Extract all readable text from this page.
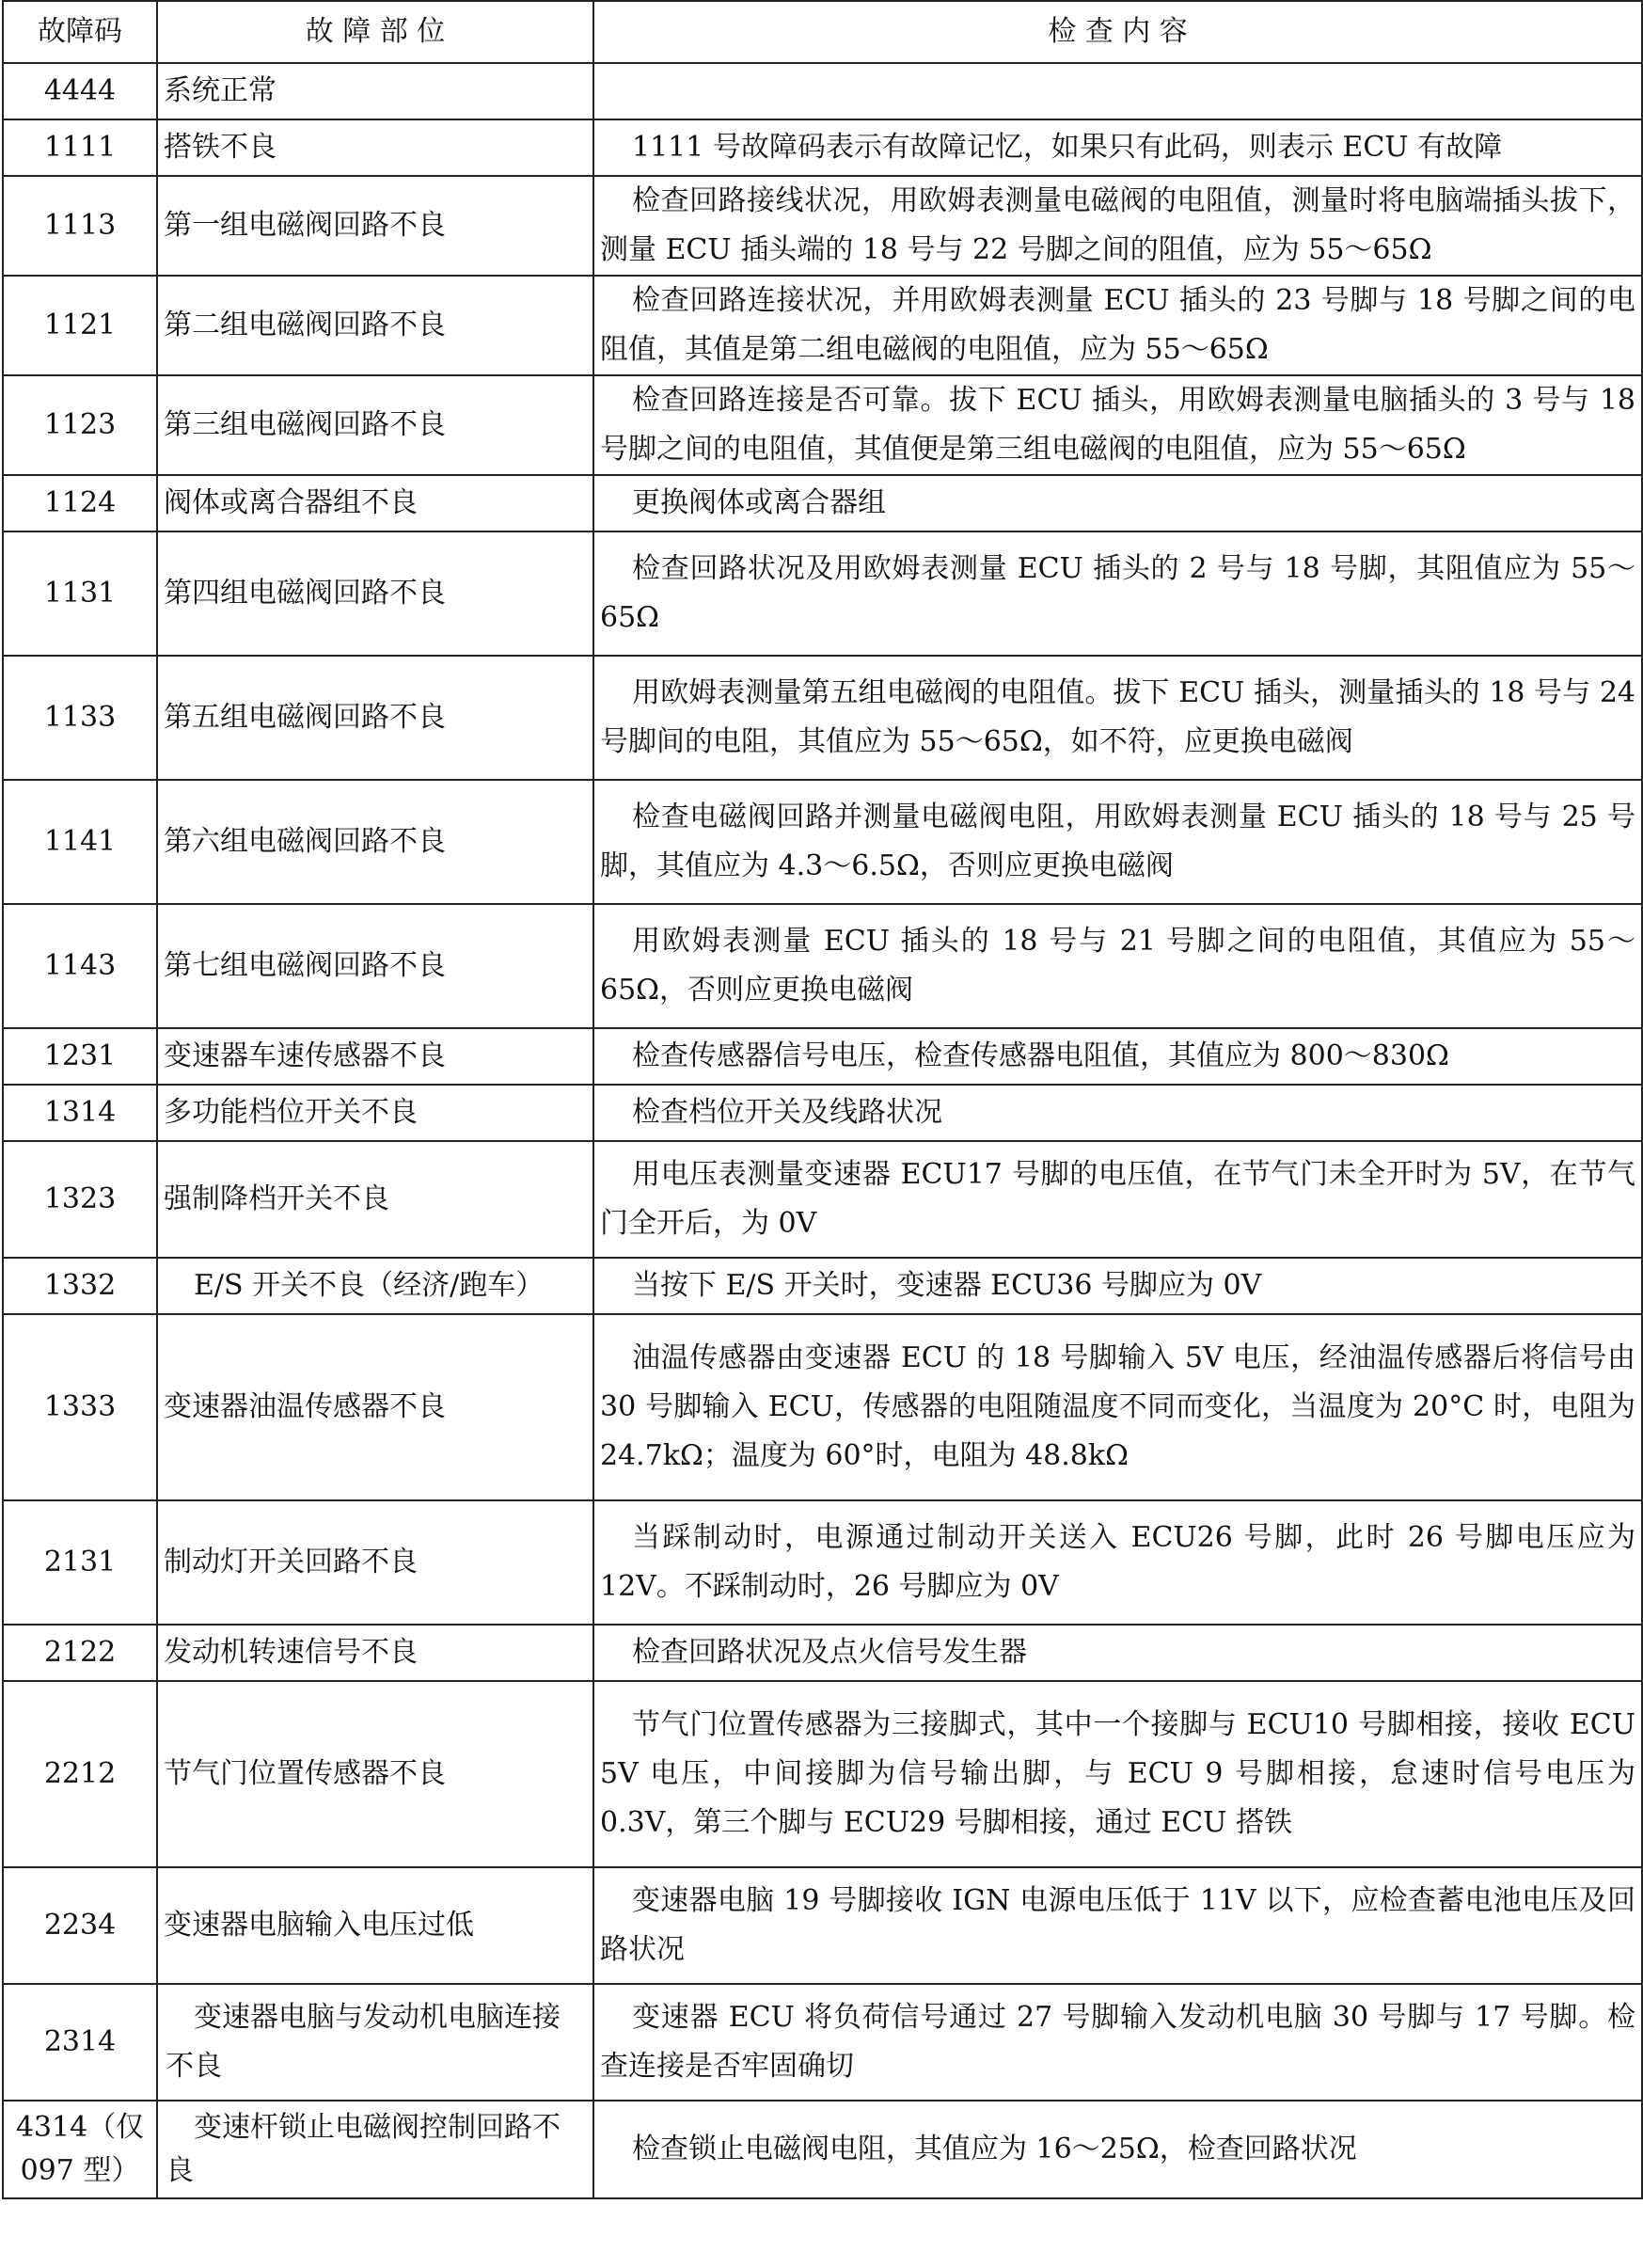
故障码	故 障 部 位	检 查 内 容
4444	系统正常	
1111	搭铁不良	1111 号故障码表示有故障记忆，如果只有此码，则表示 ECU 有故障
1113	第一组电磁阀回路不良	检查回路接线状况，用欧姆表测量电磁阀的电阻值，测量时将电脑端插头拔下，测量 ECU 插头端的 18 号与 22 号脚之间的阻值，应为 55～65Ω
1121	第二组电磁阀回路不良	检查回路连接状况，并用欧姆表测量 ECU 插头的 23 号脚与 18 号脚之间的电阻值，其值是第二组电磁阀的电阻值，应为 55～65Ω
1123	第三组电磁阀回路不良	检查回路连接是否可靠。拔下 ECU 插头，用欧姆表测量电脑插头的 3 号与 18 号脚之间的电阻值，其值便是第三组电磁阀的电阻值，应为 55～65Ω
1124	阀体或离合器组不良	更换阀体或离合器组
1131	第四组电磁阀回路不良	检查回路状况及用欧姆表测量 ECU 插头的 2 号与 18 号脚，其阻值应为 55～65Ω
1133	第五组电磁阀回路不良	用欧姆表测量第五组电磁阀的电阻值。拔下 ECU 插头，测量插头的 18 号与 24 号脚间的电阻，其值应为 55～65Ω，如不符，应更换电磁阀
1141	第六组电磁阀回路不良	检查电磁阀回路并测量电磁阀电阻，用欧姆表测量 ECU 插头的 18 号与 25 号脚，其值应为 4.3～6.5Ω，否则应更换电磁阀
1143	第七组电磁阀回路不良	用欧姆表测量 ECU 插头的 18 号与 21 号脚之间的电阻值，其值应为 55～65Ω，否则应更换电磁阀
1231	变速器车速传感器不良	检查传感器信号电压，检查传感器电阻值，其值应为 800～830Ω
1314	多功能档位开关不良	检查档位开关及线路状况
1323	强制降档开关不良	用电压表测量变速器 ECU17 号脚的电压值，在节气门未全开时为 5V，在节气门全开后，为 0V
1332	E/S 开关不良（经济/跑车）	当按下 E/S 开关时，变速器 ECU36 号脚应为 0V
1333	变速器油温传感器不良	油温传感器由变速器 ECU 的 18 号脚输入 5V 电压，经油温传感器后将信号由 30 号脚输入 ECU，传感器的电阻随温度不同而变化，当温度为 20°C 时，电阻为 24.7kΩ；温度为 60°时，电阻为 48.8kΩ
2131	制动灯开关回路不良	当踩制动时，电源通过制动开关送入 ECU26 号脚，此时 26 号脚电压应为 12V。不踩制动时，26 号脚应为 0V
2122	发动机转速信号不良	检查回路状况及点火信号发生器
2212	节气门位置传感器不良	节气门位置传感器为三接脚式，其中一个接脚与 ECU10 号脚相接，接收 ECU 5V 电压，中间接脚为信号输出脚，与 ECU 9 号脚相接，怠速时信号电压为 0.3V，第三个脚与 ECU29 号脚相接，通过 ECU 搭铁
2234	变速器电脑输入电压过低	变速器电脑 19 号脚接收 IGN 电源电压低于 11V 以下，应检查蓄电池电压及回路状况
2314	变速器电脑与发动机电脑连接不良	变速器 ECU 将负荷信号通过 27 号脚输入发动机电脑 30 号脚与 17 号脚。检查连接是否牢固确切
4314（仅 097 型）	变速杆锁止电磁阀控制回路不良	检查锁止电磁阀电阻，其值应为 16～25Ω，检查回路状况
